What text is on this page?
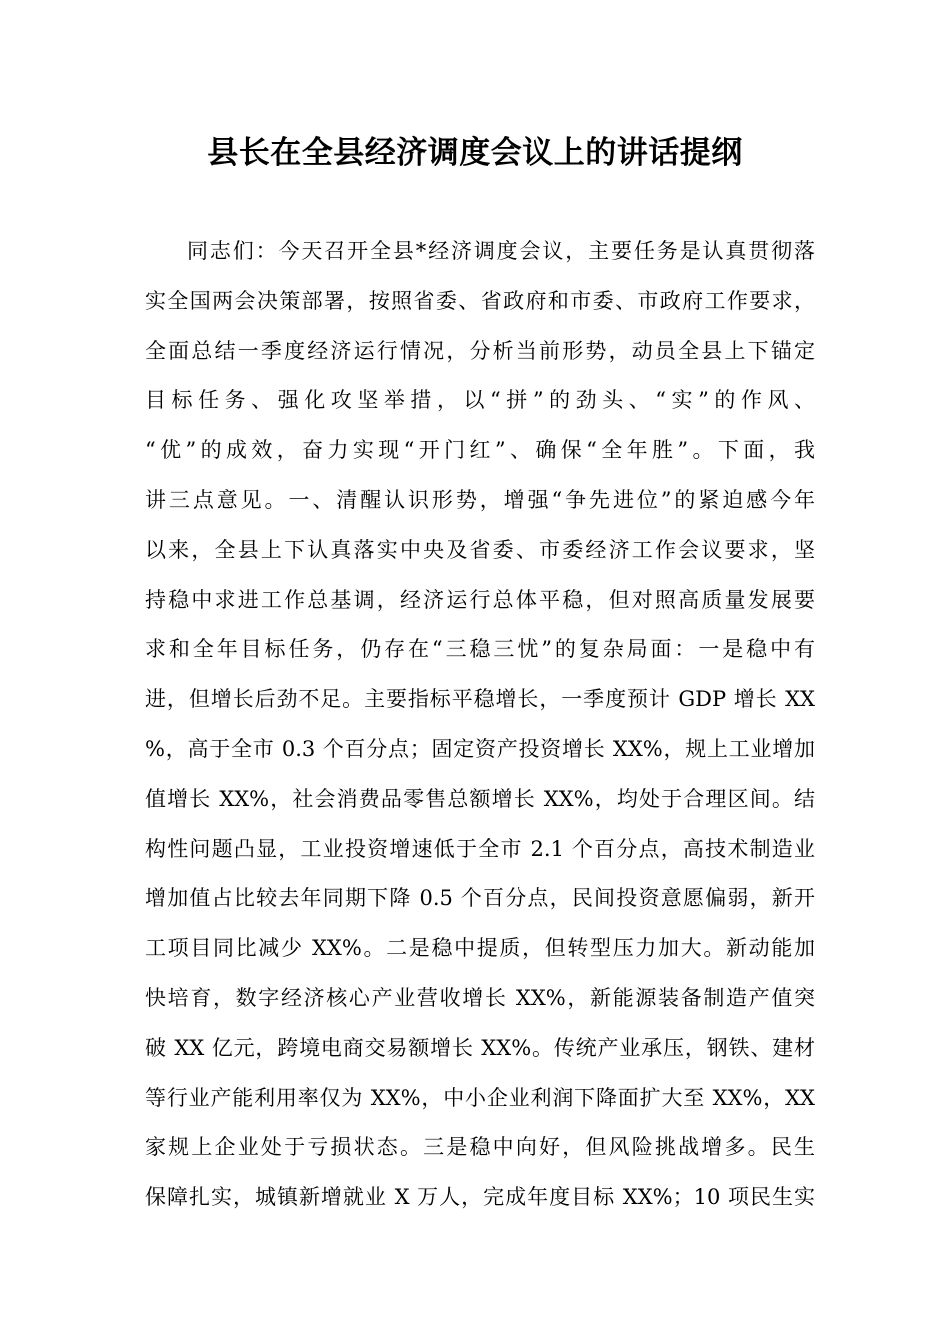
县长在全县经济调度会议上的讲话提纲
同志们：今天召开全县*经济调度会议，主要任务是认真贯彻落
实全国两会决策部署，按照省委、省政府和市委、市政府工作要求，
全面总结一季度经济运行情况，分析当前形势，动员全县上下锚定
目标任务、强化攻坚举措，以“拼”的劲头、“实”的作风、
“优”的成效，奋力实现“开门红”、确保“全年胜”。下面，我
讲三点意见。一、清醒认识形势，增强“争先进位”的紧迫感今年
以来，全县上下认真落实中央及省委、市委经济工作会议要求，坚
持稳中求进工作总基调，经济运行总体平稳，但对照高质量发展要
求和全年目标任务，仍存在“三稳三忧”的复杂局面：一是稳中有
进，但增长后劲不足。主要指标平稳增长，一季度预计 GDP 增长 XX
%，高于全市 0.3 个百分点；固定资产投资增长 XX%，规上工业增加
值增长 XX%，社会消费品零售总额增长 XX%，均处于合理区间。结
构性问题凸显，工业投资增速低于全市 2.1 个百分点，高技术制造业
增加值占比较去年同期下降 0.5 个百分点，民间投资意愿偏弱，新开
工项目同比减少 XX%。二是稳中提质，但转型压力加大。新动能加
快培育，数字经济核心产业营收增长 XX%，新能源装备制造产值突
破 XX 亿元，跨境电商交易额增长 XX%。传统产业承压，钢铁、建材
等行业产能利用率仅为 XX%，中小企业利润下降面扩大至 XX%，XX
家规上企业处于亏损状态。三是稳中向好，但风险挑战增多。民生
保障扎实，城镇新增就业 X 万人，完成年度目标 XX%；10 项民生实
